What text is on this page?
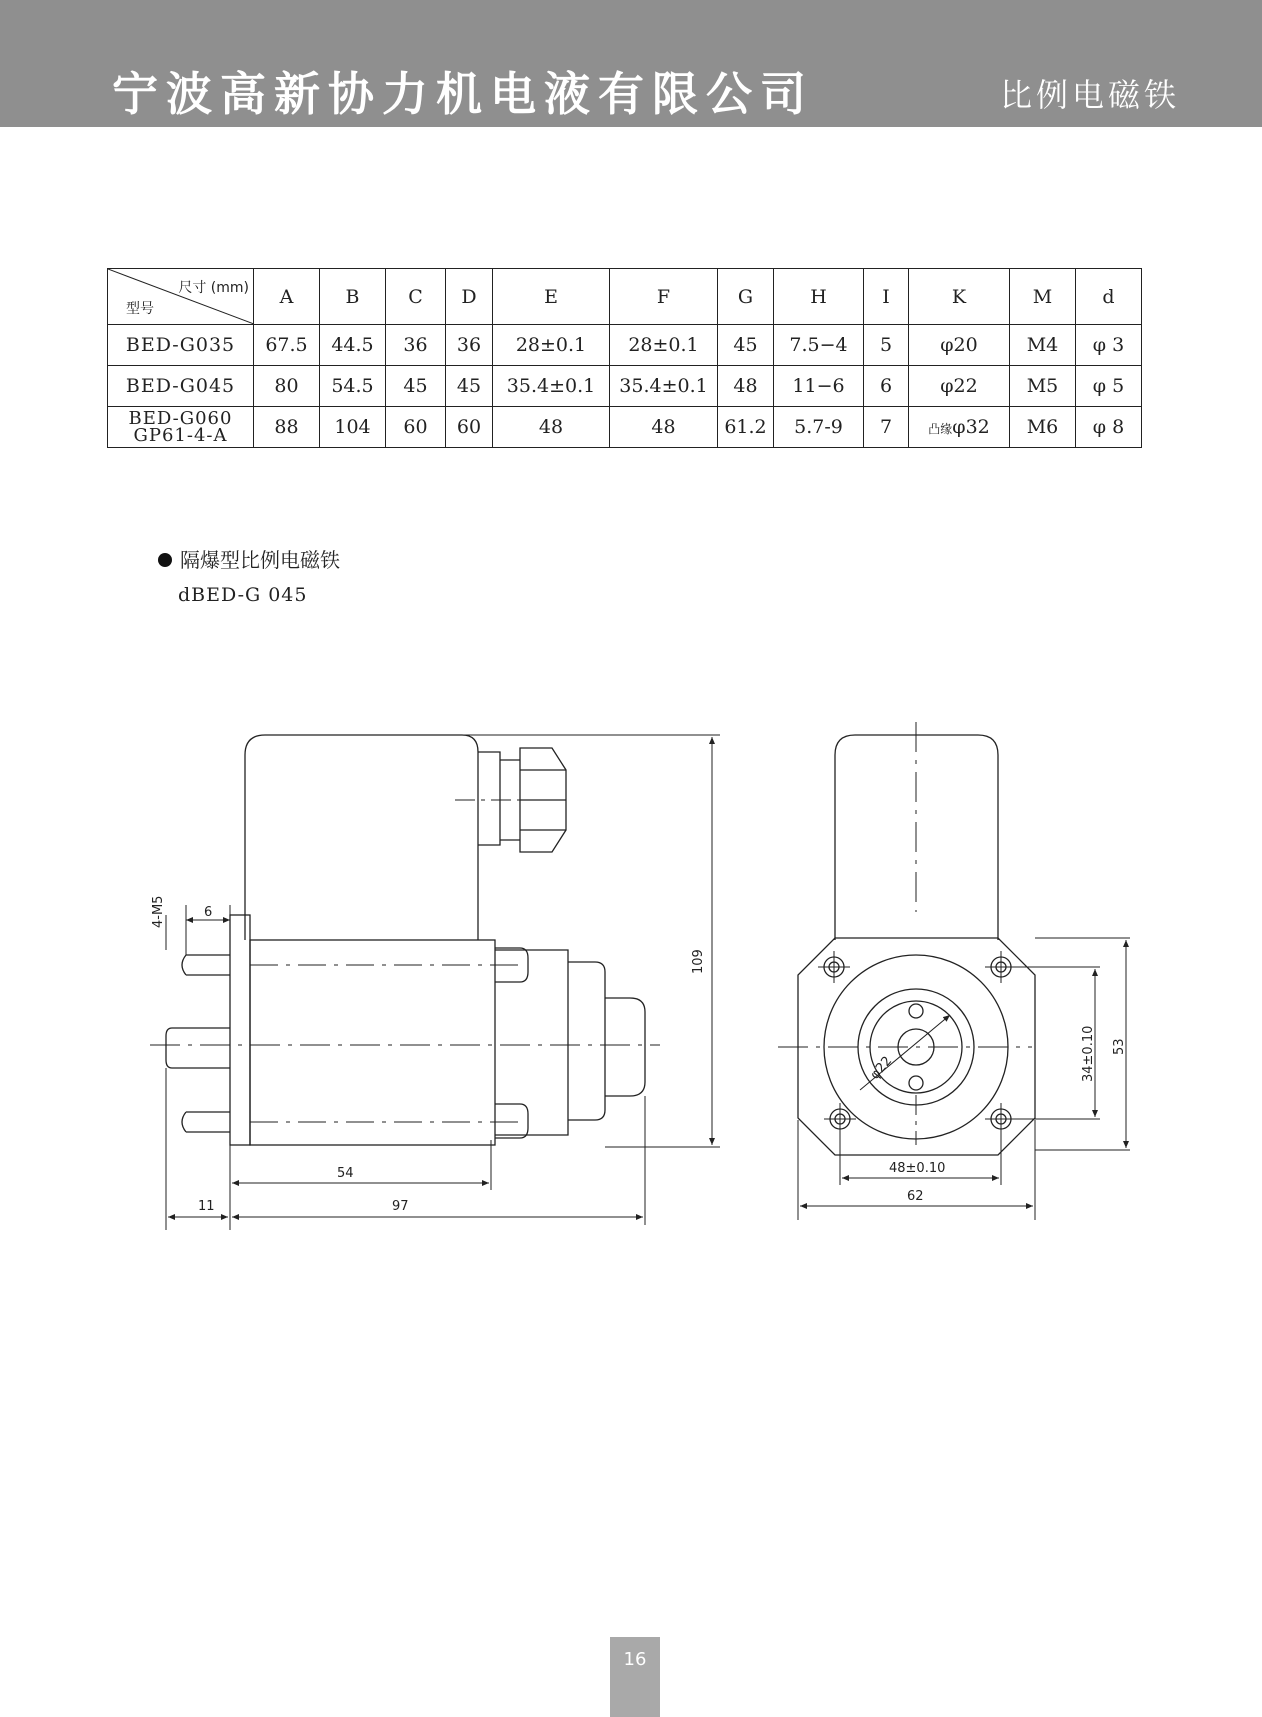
宁波高新协力机电液有限公司	比例电磁铁
尺寸 (mm)
型号	A	B	C	D	E	F	G	H	I	K	M	d
BED-G035	67.5	44.5	36	36	28±0.1	28±0.1	45	7.5−4	5	φ20	M4	φ 3
BED-G045	80	54.5	45	45	35.4±0.1	35.4±0.1	48	11−6	6	φ22	M5	φ 5

BED-G060
GP61-4-A	88	104	60	60	48	48	61.2	5.7-9	7	凸缘φ32	M6	φ 8
隔爆型比例电磁铁
dBED-G 045
4-M5	6
109
54
11	97
φ22	34±0.10 53
48±0.10
62
16
